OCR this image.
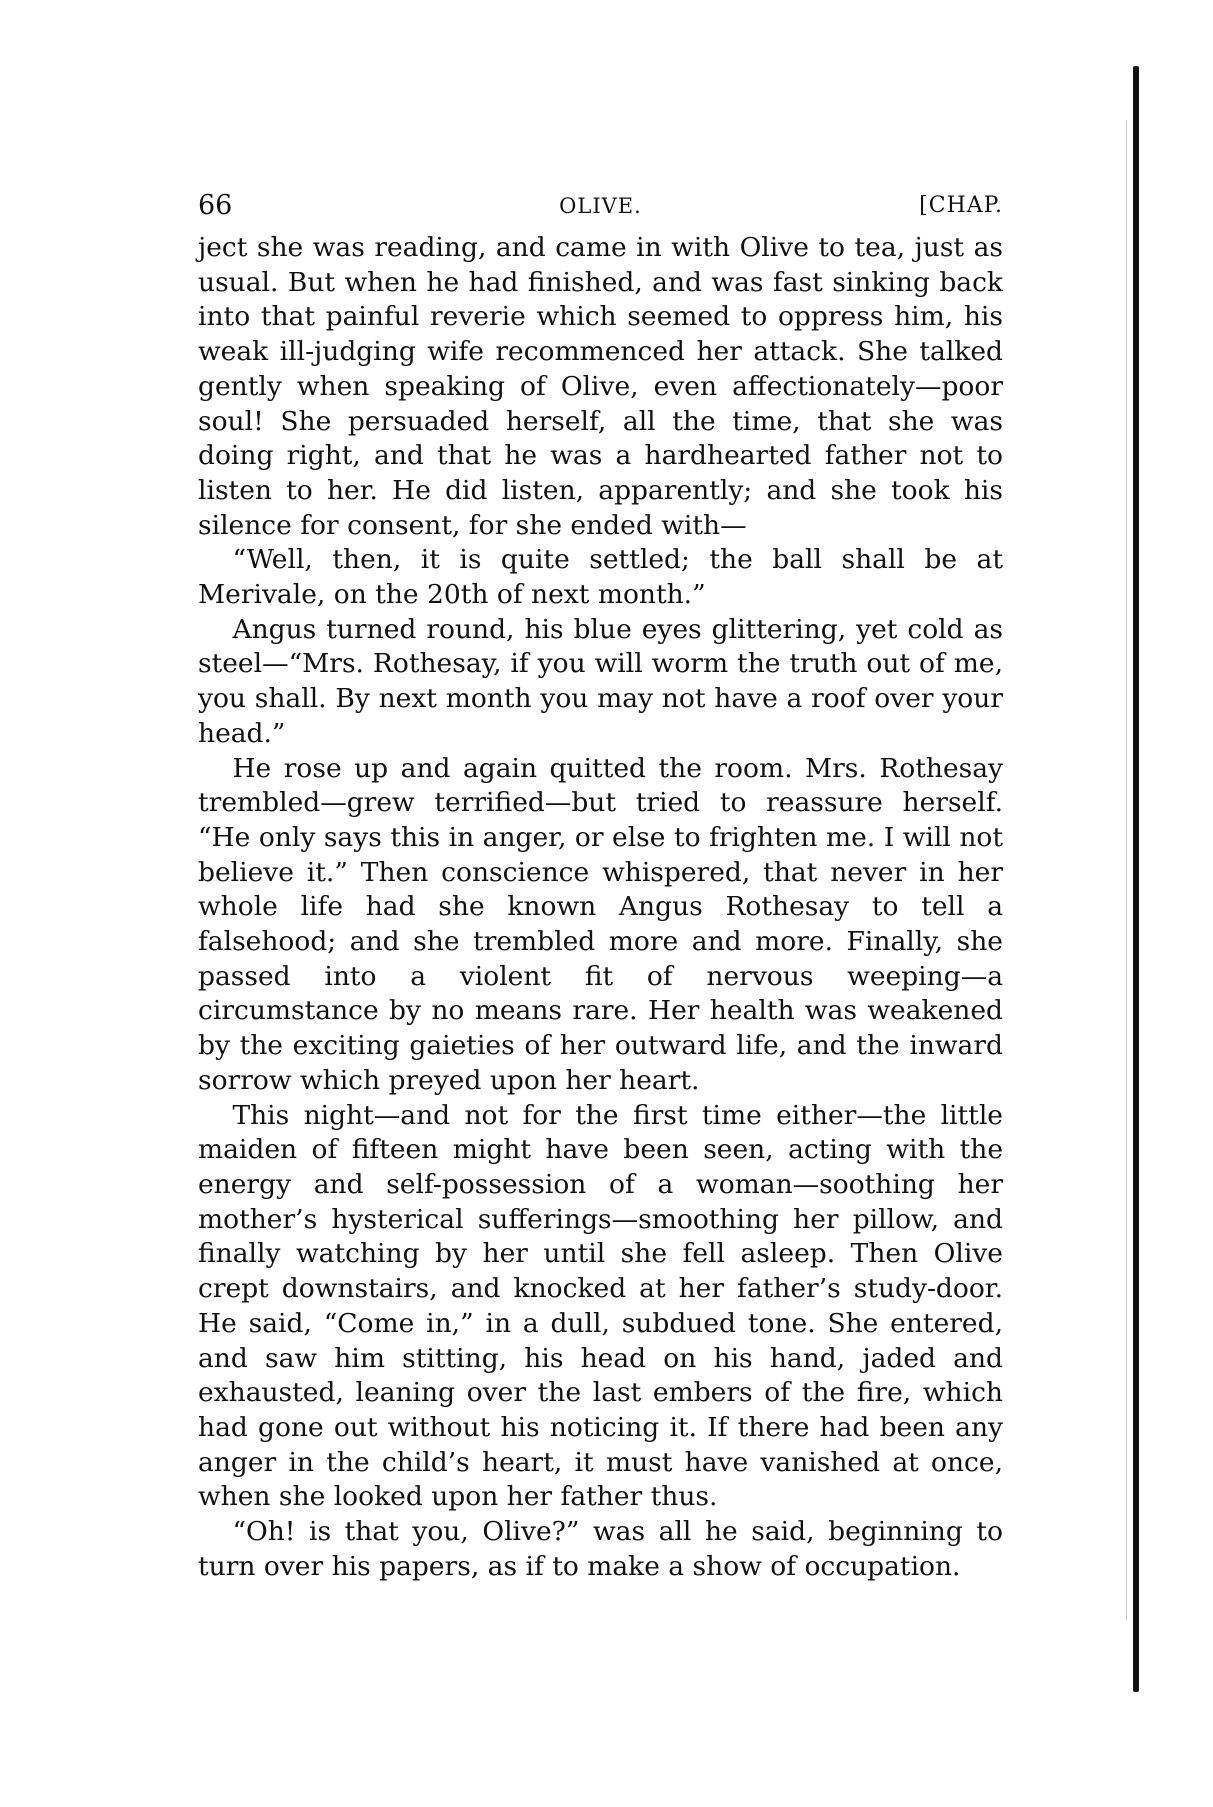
66	OLIVE.	[CHAP.

ject she was reading, and came in with Olive to tea, just as usual. But when he had finished, and was fast sinking back into that painful reverie which seemed to oppress him, his weak ill-judging wife recommenced her attack. She talked gently when speaking of Olive, even affectionately—poor soul! She persuaded herself, all the time, that she was doing right, and that he was a hardhearted father not to listen to her. He did listen, apparently; and she took his silence for consent, for she ended with—

“Well, then, it is quite settled; the ball shall be at Merivale, on the 20th of next month.”

Angus turned round, his blue eyes glittering, yet cold as steel—“Mrs. Rothesay, if you will worm the truth out of me, you shall. By next month you may not have a roof over your head.”

He rose up and again quitted the room. Mrs. Rothesay trembled—grew terrified—but tried to reassure herself. “He only says this in anger, or else to frighten me. I will not believe it.” Then conscience whispered, that never in her whole life had she known Angus Rothesay to tell a falsehood; and she trembled more and more. Finally, she passed into a violent fit of nervous weeping—a circumstance by no means rare. Her health was weakened by the exciting gaieties of her outward life, and the inward sorrow which preyed upon her heart.

This night—and not for the first time either—the little maiden of fifteen might have been seen, acting with the energy and self-possession of a woman—soothing her mother’s hysterical sufferings—smoothing her pillow, and finally watching by her until she fell asleep. Then Olive crept downstairs, and knocked at her father’s study-door. He said, “Come in,” in a dull, subdued tone. She entered, and saw him stitting, his head on his hand, jaded and exhausted, leaning over the last embers of the fire, which had gone out without his noticing it. If there had been any anger in the child’s heart, it must have vanished at once, when she looked upon her father thus.

“Oh! is that you, Olive?” was all he said, beginning to turn over his papers, as if to make a show of occupation.
